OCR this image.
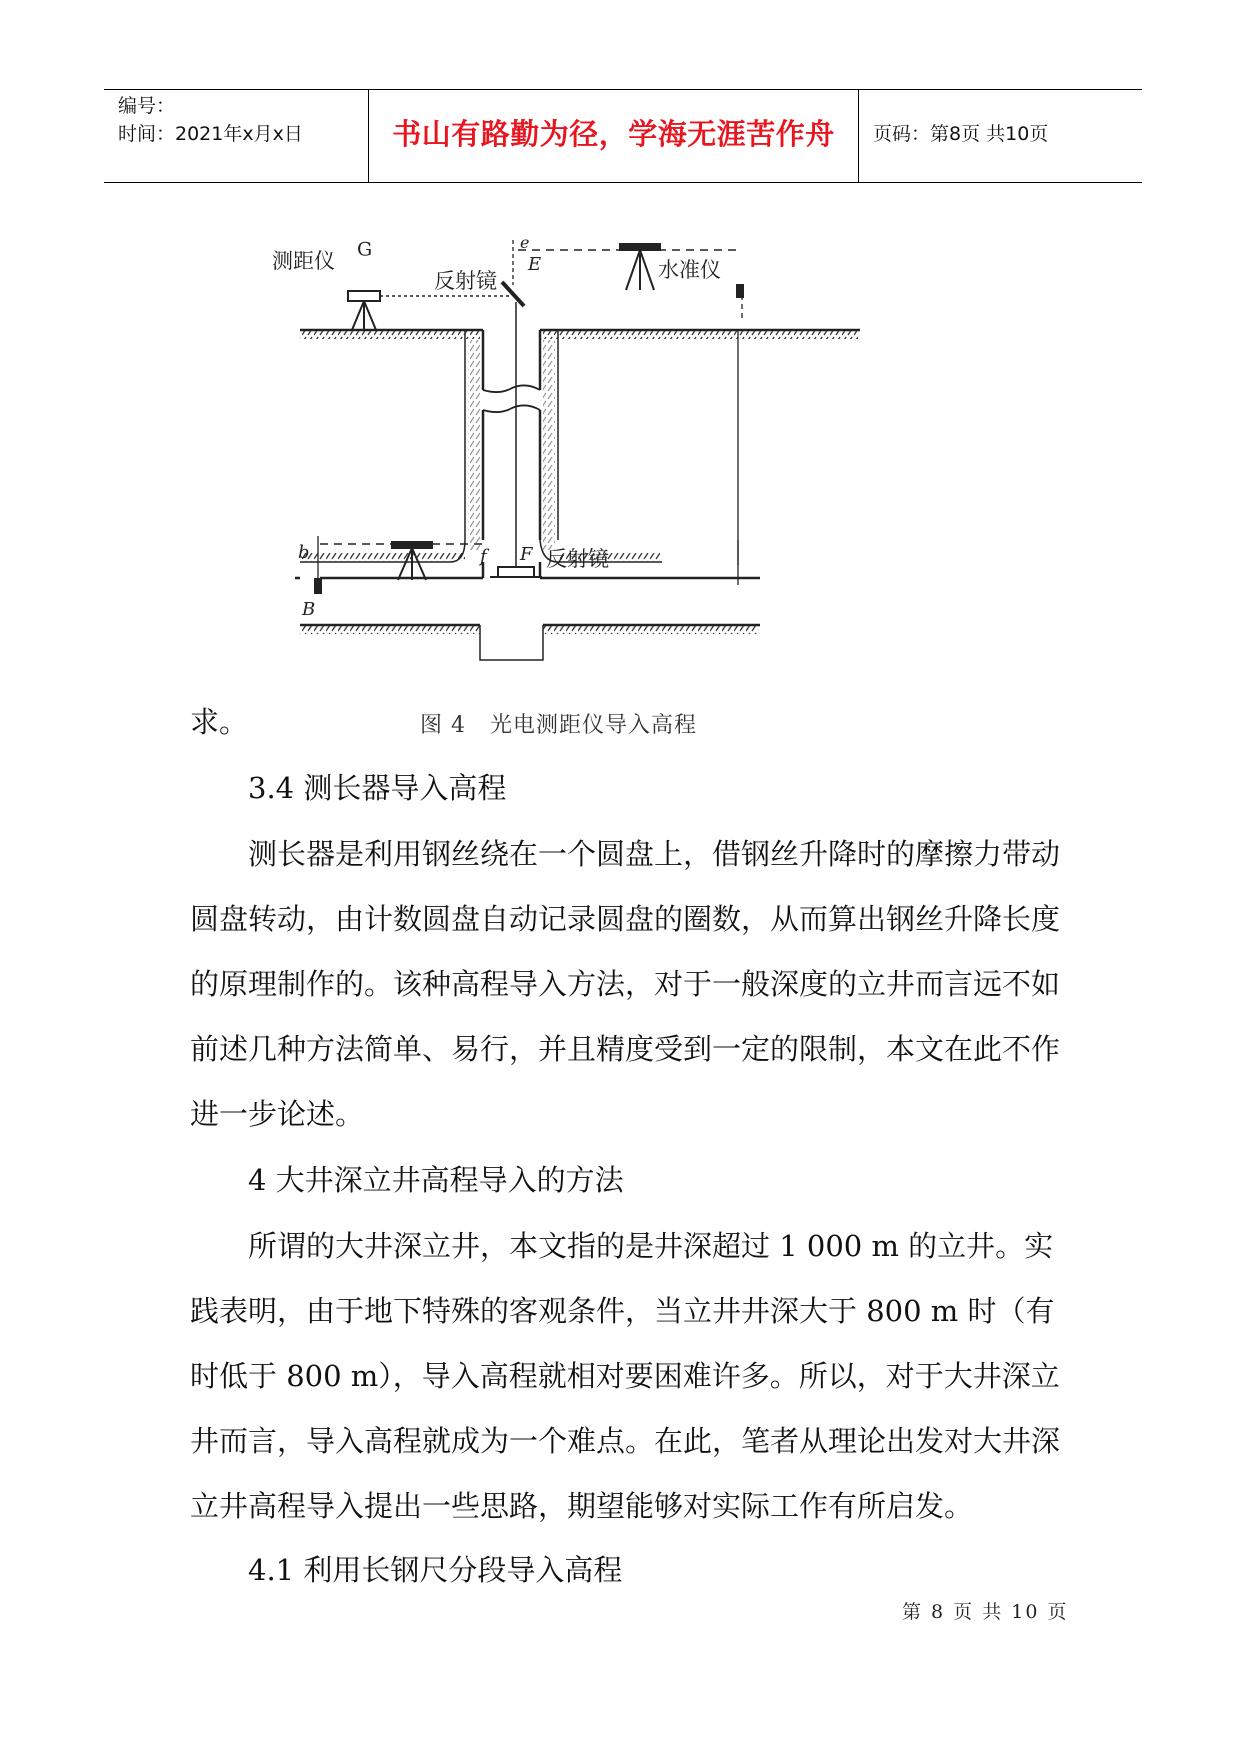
编号：
时间：2021年x月x日	书山有路勤为径，学海无涯苦作舟 页码：第8页 共10页
G
测距仪
反射镜
e
E	水准仪
b
B
f F 反射镜
图 4   光电测距仪导入高程

求。

3.4 测长器导入高程

测长器是利用钢丝绕在一个圆盘上，借钢丝升降时的摩擦力带动圆盘转动，由计数圆盘自动记录圆盘的圈数，从而算出钢丝升降长度的原理制作的。该种高程导入方法，对于一般深度的立井而言远不如前述几种方法简单、易行，并且精度受到一定的限制，本文在此不作进一步论述。

4 大井深立井高程导入的方法

所谓的大井深立井，本文指的是井深超过 1 000 m 的立井。实践表明，由于地下特殊的客观条件，当立井井深大于 800 m 时（有时低于 800 m），导入高程就相对要困难许多。所以，对于大井深立井而言，导入高程就成为一个难点。在此，笔者从理论出发对大井深立井高程导入提出一些思路，期望能够对实际工作有所启发。

4.1 利用长钢尺分段导入高程

第 8 页 共 10 页
